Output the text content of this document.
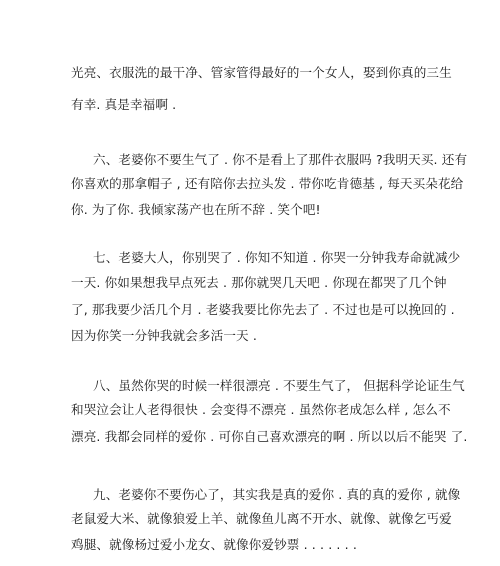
光亮、衣服洗的最干净、管家管得最好的一个女人，娶到你真的三生
有幸. 真是幸福啊 .
六、老婆你不要生气了 . 你不是看上了那件衣服吗 ?我明天买. 还有
你喜欢的那拿帽子 , 还有陪你去拉头发 . 带你吃肯德基 , 每天买朵花给
你. 为了你. 我倾家荡产也在所不辞 . 笑个吧!
七、老婆大人，你别哭了 . 你知不知道 . 你哭一分钟我寿命就减少
一天. 你如果想我早点死去 . 那你就哭几天吧 . 你现在都哭了几个钟
了, 那我要少活几个月 . 老婆我要比你先去了 . 不过也是可以挽回的 .
因为你笑一分钟我就会多活一天 .
八、虽然你哭的时候一样很漂亮 . 不要生气了， 但据科学论证生气
和哭泣会让人老得很快 . 会变得不漂亮 . 虽然你老成怎么样 , 怎么不
漂亮. 我都会同样的爱你 . 可你自己喜欢漂亮的啊 . 所以以后不能哭 了.
九、老婆你不要伤心了，其实我是真的爱你 . 真的真的爱你 , 就像
老鼠爱大米、就像狼爱上羊、就像鱼儿离不开水、就像、就像乞丐爱
鸡腿、就像杨过爱小龙女、就像你爱钞票 . . . . . . .
